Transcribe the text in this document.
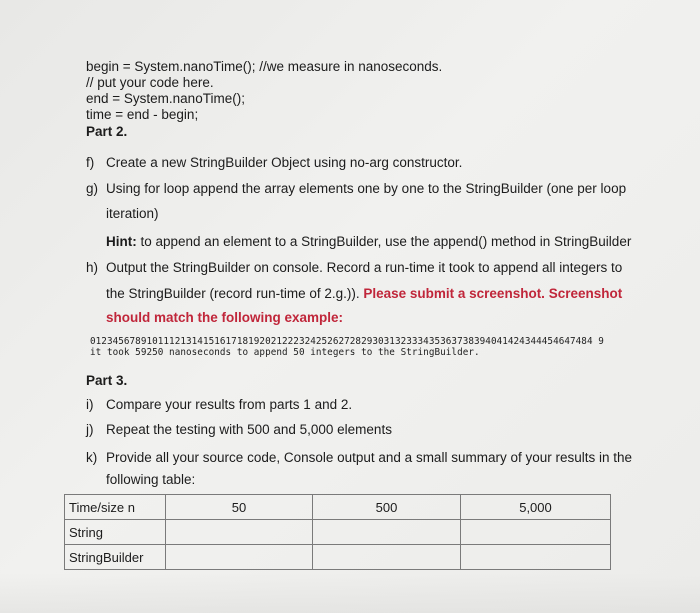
begin = System.nanoTime(); //we measure in nanoseconds.
// put your code here.
end = System.nanoTime();
time = end - begin;
Part 2.
f) Create a new StringBuilder Object using no-arg constructor.
g) Using for loop append the array elements one by one to the StringBuilder (one per loop
iteration)
Hint: to append an element to a StringBuilder, use the append() method in StringBuilder
h) Output the StringBuilder on console. Record a run-time it took to append all integers to
the StringBuilder (record run-time of 2.g.)). Please submit a screenshot. Screenshot
should match the following example:
01234567891011121314151617181920212223242526272829303132333435363738394041424344454647484 9
it took 59250 nanoseconds to append 50 integers to the StringBuilder.
Part 3.
i) Compare your results from parts 1 and 2.
j) Repeat the testing with 500 and 5,000 elements
k) Provide all your source code, Console output and a small summary of your results in the
following table:
Time/size n	50	500	5,000
String			
StringBuilder			
